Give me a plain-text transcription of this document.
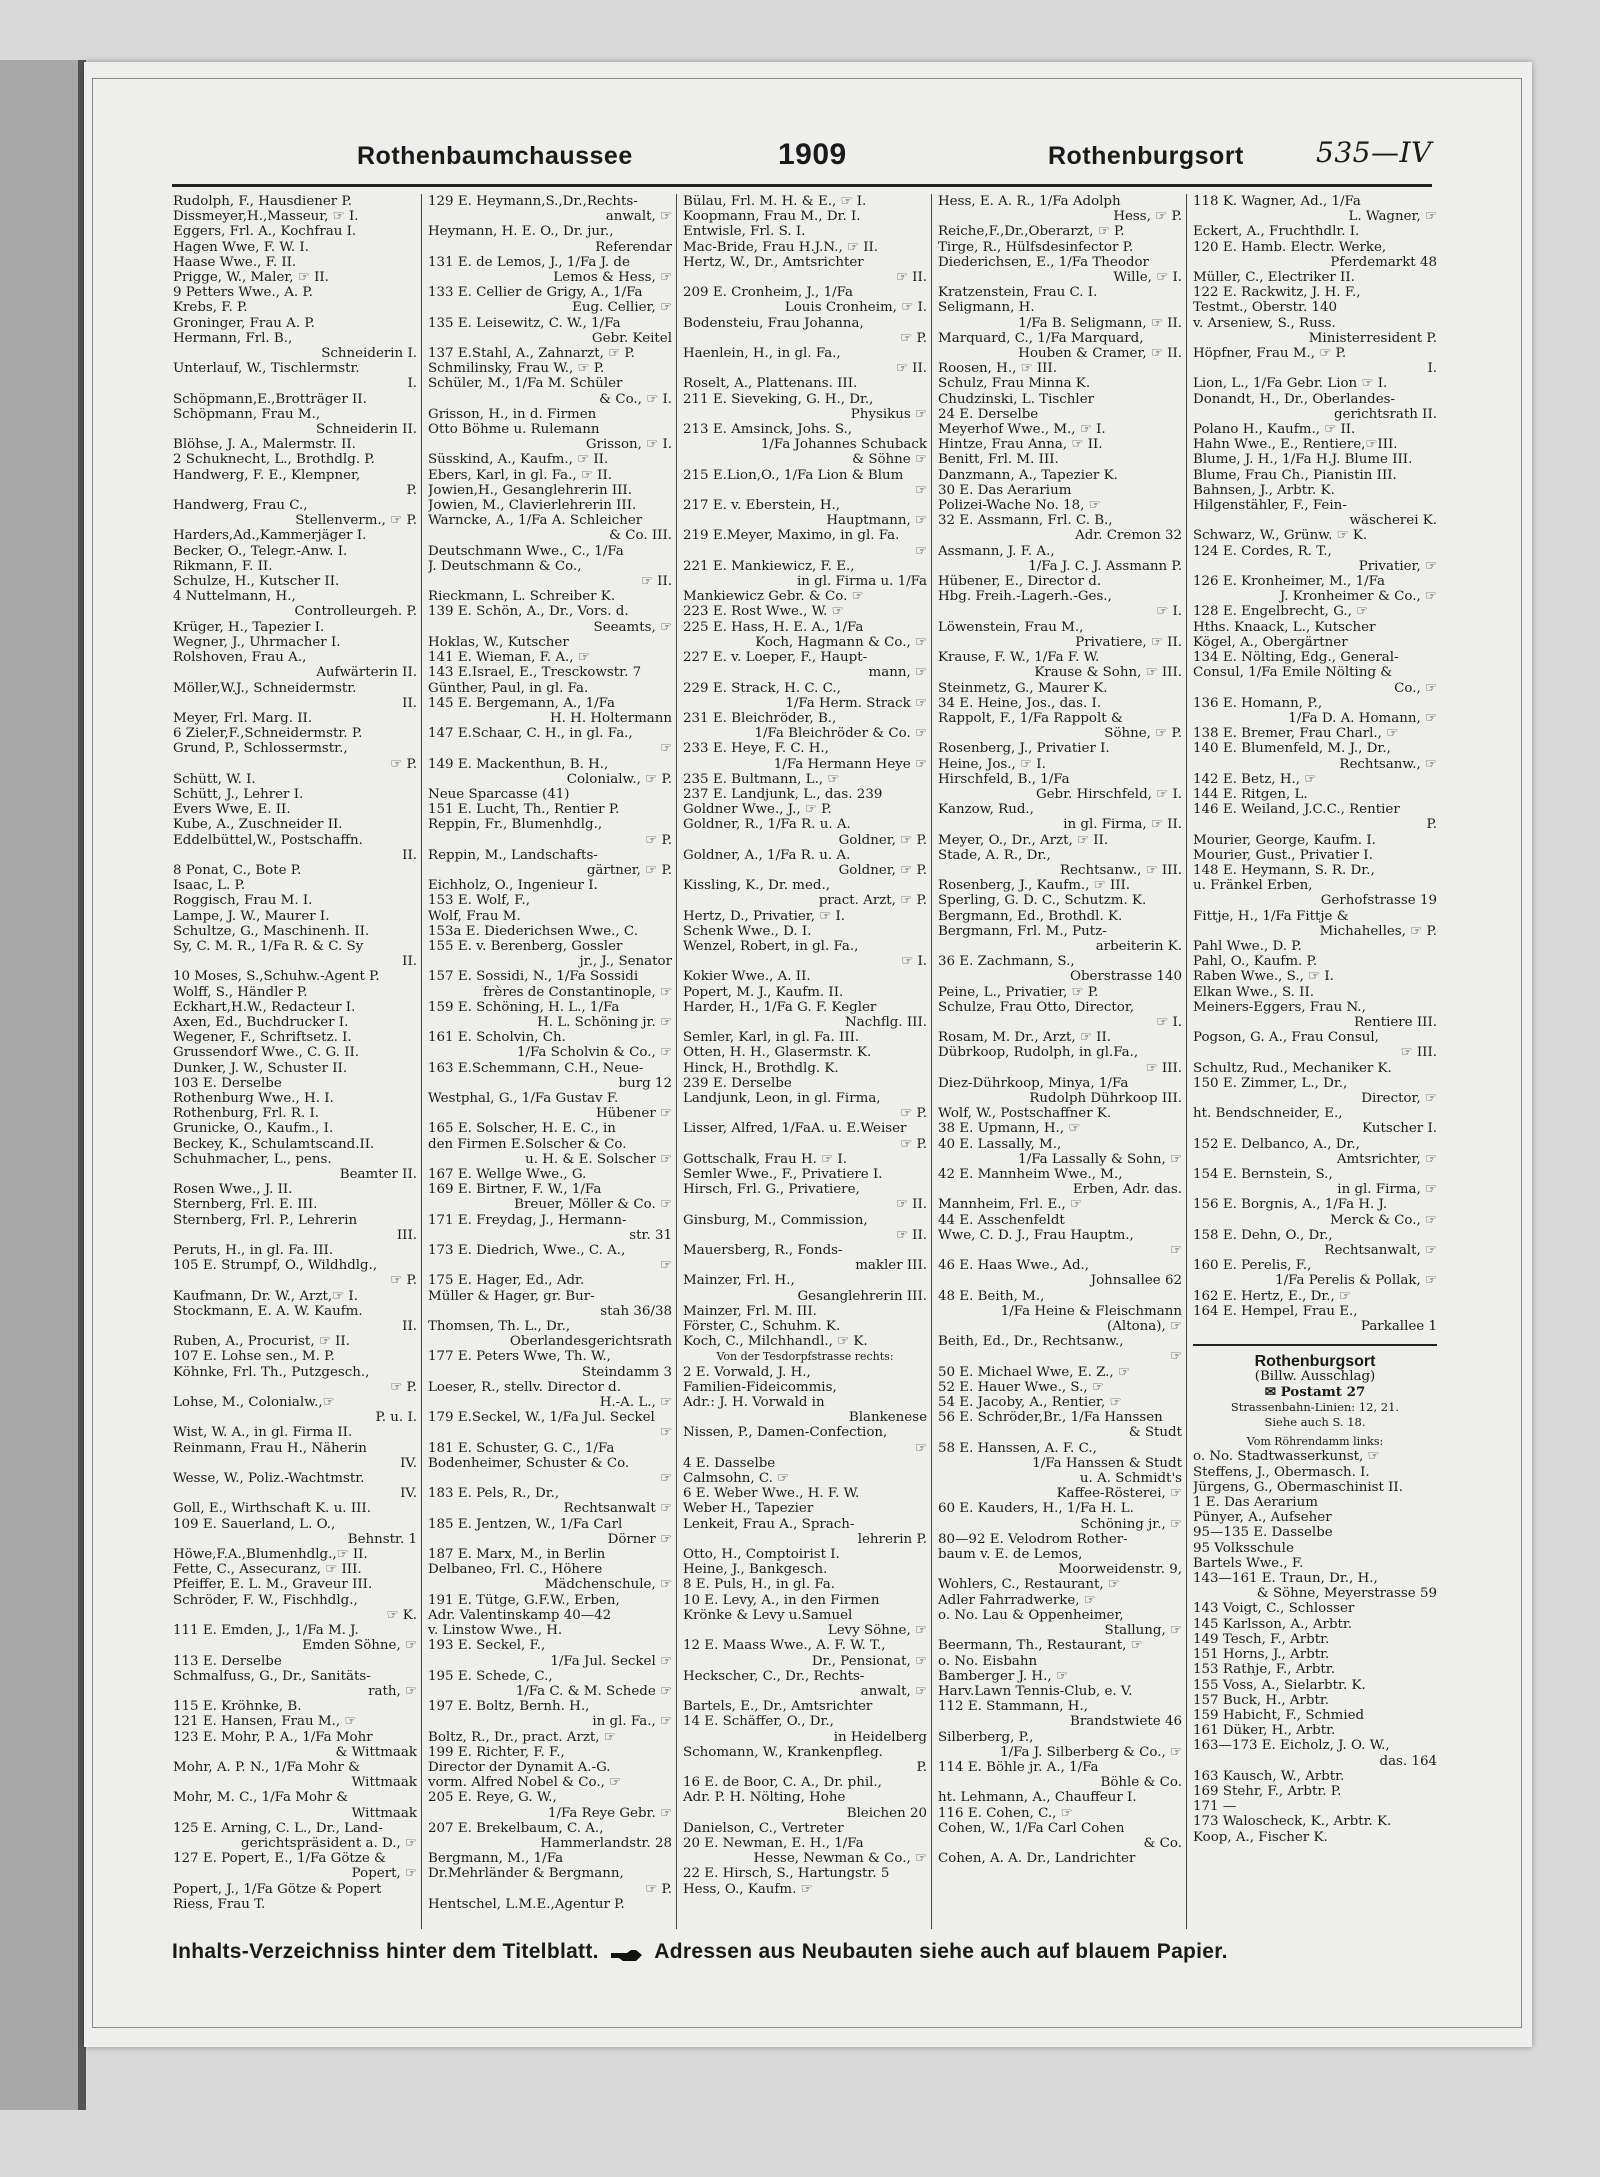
Rothenbaumchaussee	1909	Rothenburgsort	535—IV
Rudolph, F., Hausdiener P.
Dissmeyer,H.,Masseur, ☞ I.
Eggers, Frl. A., Kochfrau I.
Hagen Wwe, F. W. I.
Haase Wwe., F. II.
Prigge, W., Maler, ☞ II.
9 Petters Wwe., A. P.
Krebs, F. P.
Groninger, Frau A. P.
Hermann, Frl. B.,
Schneiderin I.
Unterlauf, W., Tischlermstr.
I.
Schöpmann,E.,Brotträger II.
Schöpmann, Frau M.,
Schneiderin II.
Blöhse, J. A., Malermstr. II.
2 Schuknecht, L., Brothdlg. P.
Handwerg, F. E., Klempner,
P.
Handwerg, Frau C.,
Stellenverm., ☞ P.
Harders,Ad.,Kammerjäger I.
Becker, O., Telegr.-Anw. I.
Rikmann, F. II.
Schulze, H., Kutscher II.
4 Nuttelmann, H.,
Controlleurgeh. P.
Krüger, H., Tapezier I.
Wegner, J., Uhrmacher I.
Rolshoven, Frau A.,
Aufwärterin II.
Möller,W.J., Schneidermstr.
II.
Meyer, Frl. Marg. II.
6 Zieler,F.,Schneidermstr. P.
Grund, P., Schlossermstr.,
☞ P.
Schütt, W. I.
Schütt, J., Lehrer I.
Evers Wwe, E. II.
Kube, A., Zuschneider II.
Eddelbüttel,W., Postschaffn.
II.
8 Ponat, C., Bote P.
Isaac, L. P.
Roggisch, Frau M. I.
Lampe, J. W., Maurer I.
Schultze, G., Maschinenh. II.
Sy, C. M. R., 1/Fa R. & C. Sy
II.
10 Moses, S.,Schuhw.-Agent P.
Wolff, S., Händler P.
Eckhart,H.W., Redacteur I.
Axen, Ed., Buchdrucker I.
Wegener, F., Schriftsetz. I.
Grussendorf Wwe., C. G. II.
Dunker, J. W., Schuster II.
103 E. Derselbe
Rothenburg Wwe., H. I.
Rothenburg, Frl. R. I.
Grunicke, O., Kaufm., I.
Beckey, K., Schulamtscand.II.
Schuhmacher, L., pens.
Beamter II.
Rosen Wwe., J. II.
Sternberg, Frl. E. III.
Sternberg, Frl. P., Lehrerin
III.
Peruts, H., in gl. Fa. III.
105 E. Strumpf, O., Wildhdlg.,
☞ P.
Kaufmann, Dr. W., Arzt,☞ I.
Stockmann, E. A. W. Kaufm.
II.
Ruben, A., Procurist, ☞ II.
107 E. Lohse sen., M. P.
Köhnke, Frl. Th., Putzgesch.,
☞ P.
Lohse, M., Colonialw.,☞
P. u. I.
Wist, W. A., in gl. Firma II.
Reinmann, Frau H., Näherin
IV.
Wesse, W., Poliz.-Wachtmstr.
IV.
Goll, E., Wirthschaft K. u. III.
109 E. Sauerland, L. O.,
Behnstr. 1
Höwe,F.A.,Blumenhdlg.,☞ II.
Fette, C., Assecuranz, ☞ III.
Pfeiffer, E. L. M., Graveur III.
Schröder, F. W., Fischhdlg.,
☞ K.
111 E. Emden, J., 1/Fa M. J.
Emden Söhne, ☞
113 E. Derselbe
Schmalfuss, G., Dr., Sanitäts-
rath, ☞
115 E. Kröhnke, B.
121 E. Hansen, Frau M., ☞
123 E. Mohr, P. A., 1/Fa Mohr
& Wittmaak
Mohr, A. P. N., 1/Fa Mohr &
Wittmaak
Mohr, M. C., 1/Fa Mohr &
Wittmaak
125 E. Arning, C. L., Dr., Land-
gerichtspräsident a. D., ☞
127 E. Popert, E., 1/Fa Götze &
Popert, ☞
Popert, J., 1/Fa Götze & Popert
Riess, Frau T.
129 E. Heymann,S.,Dr.,Rechts-
anwalt, ☞
Heymann, H. E. O., Dr. jur.,
Referendar
131 E. de Lemos, J., 1/Fa J. de
Lemos & Hess, ☞
133 E. Cellier de Grigy, A., 1/Fa
Eug. Cellier, ☞
135 E. Leisewitz, C. W., 1/Fa
Gebr. Keitel
137 E.Stahl, A., Zahnarzt, ☞ P.
Schmilinsky, Frau W., ☞ P.
Schüler, M., 1/Fa M. Schüler
& Co., ☞ I.
Grisson, H., in d. Firmen
Otto Böhme u. Rulemann
Grisson, ☞ I.
Süsskind, A., Kaufm., ☞ II.
Ebers, Karl, in gl. Fa., ☞ II.
Jowien,H., Gesanglehrerin III.
Jowien, M., Clavierlehrerin III.
Warncke, A., 1/Fa A. Schleicher
& Co. III.
Deutschmann Wwe., C., 1/Fa
J. Deutschmann & Co.,
☞ II.
Rieckmann, L. Schreiber K.
139 E. Schön, A., Dr., Vors. d.
Seeamts, ☞
Hoklas, W., Kutscher
141 E. Wieman, F. A., ☞
143 E.Israel, E., Tresckowstr. 7
Günther, Paul, in gl. Fa.
145 E. Bergemann, A., 1/Fa
H. H. Holtermann
147 E.Schaar, C. H., in gl. Fa.,
☞
149 E. Mackenthun, B. H.,
Colonialw., ☞ P.
Neue Sparcasse (41)
151 E. Lucht, Th., Rentier P.
Reppin, Fr., Blumenhdlg.,
☞ P.
Reppin, M., Landschafts-
gärtner, ☞ P.
Eichholz, O., Ingenieur I.
153 E. Wolf, F.,
Wolf, Frau M.
153a E. Diederichsen Wwe., C.
155 E. v. Berenberg, Gossler
jr., J., Senator
157 E. Sossidi, N., 1/Fa Sossidi
frères de Constantinople, ☞
159 E. Schöning, H. L., 1/Fa
H. L. Schöning jr. ☞
161 E. Scholvin, Ch.
1/Fa Scholvin & Co., ☞
163 E.Schemmann, C.H., Neue-
burg 12
Westphal, G., 1/Fa Gustav F.
Hübener ☞
165 E. Solscher, H. E. C., in
den Firmen E.Solscher & Co.
u. H. & E. Solscher ☞
167 E. Wellge Wwe., G.
169 E. Birtner, F. W., 1/Fa
Breuer, Möller & Co. ☞
171 E. Freydag, J., Hermann-
str. 31
173 E. Diedrich, Wwe., C. A.,
☞
175 E. Hager, Ed., Adr.
Müller & Hager, gr. Bur-
stah 36/38
Thomsen, Th. L., Dr.,
Oberlandesgerichtsrath
177 E. Peters Wwe, Th. W.,
Steindamm 3
Loeser, R., stellv. Director d.
H.-A. L., ☞
179 E.Seckel, W., 1/Fa Jul. Seckel
☞
181 E. Schuster, G. C., 1/Fa
Bodenheimer, Schuster & Co.
☞
183 E. Pels, R., Dr.,
Rechtsanwalt ☞
185 E. Jentzen, W., 1/Fa Carl
Dörner ☞
187 E. Marx, M., in Berlin
Delbaneo, Frl. C., Höhere
Mädchenschule, ☞
191 E. Tütge, G.F.W., Erben,
Adr. Valentinskamp 40—42
v. Linstow Wwe., H.
193 E. Seckel, F.,
1/Fa Jul. Seckel ☞
195 E. Schede, C.,
1/Fa C. & M. Schede ☞
197 E. Boltz, Bernh. H.,
in gl. Fa., ☞
Boltz, R., Dr., pract. Arzt, ☞
199 E. Richter, F. F.,
Director der Dynamit A.-G.
vorm. Alfred Nobel & Co., ☞
205 E. Reye, G. W.,
1/Fa Reye Gebr. ☞
207 E. Brekelbaum, C. A.,
Hammerlandstr. 28
Bergmann, M., 1/Fa
Dr.Mehrländer & Bergmann,
☞ P.
Hentschel, L.M.E.,Agentur P.
Bülau, Frl. M. H. & E., ☞ I.
Koopmann, Frau M., Dr. I.
Entwisle, Frl. S. I.
Mac-Bride, Frau H.J.N., ☞ II.
Hertz, W., Dr., Amtsrichter
☞ II.
209 E. Cronheim, J., 1/Fa
Louis Cronheim, ☞ I.
Bodensteiu, Frau Johanna,
☞ P.
Haenlein, H., in gl. Fa.,
☞ II.
Roselt, A., Plattenans. III.
211 E. Sieveking, G. H., Dr.,
Physikus ☞
213 E. Amsinck, Johs. S.,
1/Fa Johannes Schuback
& Söhne ☞
215 E.Lion,O., 1/Fa Lion & Blum
☞
217 E. v. Eberstein, H.,
Hauptmann, ☞
219 E.Meyer, Maximo, in gl. Fa.
☞
221 E. Mankiewicz, F. E.,
in gl. Firma u. 1/Fa
Mankiewicz Gebr. & Co. ☞
223 E. Rost Wwe., W. ☞
225 E. Hass, H. E. A., 1/Fa
Koch, Hagmann & Co., ☞
227 E. v. Loeper, F., Haupt-
mann, ☞
229 E. Strack, H. C. C.,
1/Fa Herm. Strack ☞
231 E. Bleichröder, B.,
1/Fa Bleichröder & Co. ☞
233 E. Heye, F. C. H.,
1/Fa Hermann Heye ☞
235 E. Bultmann, L., ☞
237 E. Landjunk, L., das. 239
Goldner Wwe., J., ☞ P.
Goldner, R., 1/Fa R. u. A.
Goldner, ☞ P.
Goldner, A., 1/Fa R. u. A.
Goldner, ☞ P.
Kissling, K., Dr. med.,
pract. Arzt, ☞ P.
Hertz, D., Privatier, ☞ I.
Schenk Wwe., D. I.
Wenzel, Robert, in gl. Fa.,
☞ I.
Kokier Wwe., A. II.
Popert, M. J., Kaufm. II.
Harder, H., 1/Fa G. F. Kegler
Nachflg. III.
Semler, Karl, in gl. Fa. III.
Otten, H. H., Glasermstr. K.
Hinck, H., Brothdlg. K.
239 E. Derselbe
Landjunk, Leon, in gl. Firma,
☞ P.
Lisser, Alfred, 1/FaA. u. E.Weiser
☞ P.
Gottschalk, Frau H. ☞ I.
Semler Wwe., F., Privatiere I.
Hirsch, Frl. G., Privatiere,
☞ II.
Ginsburg, M., Commission,
☞ II.
Mauersberg, R., Fonds-
makler III.
Mainzer, Frl. H.,
Gesanglehrerin III.
Mainzer, Frl. M. III.
Förster, C., Schuhm. K.
Koch, C., Milchhandl., ☞ K.
Von der Tesdorpfstrasse rechts:
2 E. Vorwald, J. H.,
Familien-Fideicommis,
Adr.: J. H. Vorwald in
Blankenese
Nissen, P., Damen-Confection,
☞
4 E. Dasselbe
Calmsohn, C. ☞
6 E. Weber Wwe., H. F. W.
Weber H., Tapezier
Lenkeit, Frau A., Sprach-
lehrerin P.
Otto, H., Comptoirist I.
Heine, J., Bankgesch.
8 E. Puls, H., in gl. Fa.
10 E. Levy, A., in den Firmen
Krönke & Levy u.Samuel
Levy Söhne, ☞
12 E. Maass Wwe., A. F. W. T.,
Dr., Pensionat, ☞
Heckscher, C., Dr., Rechts-
anwalt, ☞
Bartels, E., Dr., Amtsrichter
14 E. Schäffer, O., Dr.,
in Heidelberg
Schomann, W., Krankenpfleg.
P.
16 E. de Boor, C. A., Dr. phil.,
Adr. P. H. Nölting, Hohe
Bleichen 20
Danielson, C., Vertreter
20 E. Newman, E. H., 1/Fa
Hesse, Newman & Co., ☞
22 E. Hirsch, S., Hartungstr. 5
Hess, O., Kaufm. ☞
Hess, E. A. R., 1/Fa Adolph
Hess, ☞ P.
Reiche,F.,Dr.,Oberarzt, ☞ P.
Tirge, R., Hülfsdesinfector P.
Diederichsen, E., 1/Fa Theodor
Wille, ☞ I.
Kratzenstein, Frau C. I.
Seligmann, H.
1/Fa B. Seligmann, ☞ II.
Marquard, C., 1/Fa Marquard,
Houben & Cramer, ☞ II.
Roosen, H., ☞ III.
Schulz, Frau Minna K.
Chudzinski, L. Tischler
24 E. Derselbe
Meyerhof Wwe., M., ☞ I.
Hintze, Frau Anna, ☞ II.
Benitt, Frl. M. III.
Danzmann, A., Tapezier K.
30 E. Das Aerarium
Polizei-Wache No. 18, ☞
32 E. Assmann, Frl. C. B.,
Adr. Cremon 32
Assmann, J. F. A.,
1/Fa J. C. J. Assmann P.
Hübener, E., Director d.
Hbg. Freih.-Lagerh.-Ges.,
☞ I.
Löwenstein, Frau M.,
Privatiere, ☞ II.
Krause, F. W., 1/Fa F. W.
Krause & Sohn, ☞ III.
Steinmetz, G., Maurer K.
34 E. Heine, Jos., das. I.
Rappolt, F., 1/Fa Rappolt &
Söhne, ☞ P.
Rosenberg, J., Privatier I.
Heine, Jos., ☞ I.
Hirschfeld, B., 1/Fa
Gebr. Hirschfeld, ☞ I.
Kanzow, Rud.,
in gl. Firma, ☞ II.
Meyer, O., Dr., Arzt, ☞ II.
Stade, A. R., Dr.,
Rechtsanw., ☞ III.
Rosenberg, J., Kaufm., ☞ III.
Sperling, G. D. C., Schutzm. K.
Bergmann, Ed., Brothdl. K.
Bergmann, Frl. M., Putz-
arbeiterin K.
36 E. Zachmann, S.,
Oberstrasse 140
Peine, L., Privatier, ☞ P.
Schulze, Frau Otto, Director,
☞ I.
Rosam, M. Dr., Arzt, ☞ II.
Dübrkoop, Rudolph, in gl.Fa.,
☞ III.
Diez-Dührkoop, Minya, 1/Fa
Rudolph Dührkoop III.
Wolf, W., Postschaffner K.
38 E. Upmann, H., ☞
40 E. Lassally, M.,
1/Fa Lassally & Sohn, ☞
42 E. Mannheim Wwe., M.,
Erben, Adr. das.
Mannheim, Frl. E., ☞
44 E. Asschenfeldt
Wwe, C. D. J., Frau Hauptm.,
☞
46 E. Haas Wwe., Ad.,
Johnsallee 62
48 E. Beith, M.,
1/Fa Heine & Fleischmann
(Altona), ☞
Beith, Ed., Dr., Rechtsanw.,
☞
50 E. Michael Wwe, E. Z., ☞
52 E. Hauer Wwe., S., ☞
54 E. Jacoby, A., Rentier, ☞
56 E. Schröder,Br., 1/Fa Hanssen
& Studt
58 E. Hanssen, A. F. C.,
1/Fa Hanssen & Studt
u. A. Schmidt's
Kaffee-Rösterei, ☞
60 E. Kauders, H., 1/Fa H. L.
Schöning jr., ☞
80—92 E. Velodrom Rother-
baum v. E. de Lemos,
Moorweidenstr. 9,
Wohlers, C., Restaurant, ☞
Adler Fahrradwerke, ☞
o. No. Lau & Oppenheimer,
Stallung, ☞
Beermann, Th., Restaurant, ☞
o. No. Eisbahn
Bamberger J. H., ☞
Harv.Lawn Tennis-Club, e. V.
112 E. Stammann, H.,
Brandstwiete 46
Silberberg, P.,
1/Fa J. Silberberg & Co., ☞
114 E. Böhle jr. A., 1/Fa
Böhle & Co.
ht. Lehmann, A., Chauffeur I.
116 E. Cohen, C., ☞
Cohen, W., 1/Fa Carl Cohen
& Co.
Cohen, A. A. Dr., Landrichter
118 K. Wagner, Ad., 1/Fa
L. Wagner, ☞
Eckert, A., Fruchthdlr. I.
120 E. Hamb. Electr. Werke,
Pferdemarkt 48
Müller, C., Electriker II.
122 E. Rackwitz, J. H. F.,
Testmt., Oberstr. 140
v. Arseniew, S., Russ.
Ministerresident P.
Höpfner, Frau M., ☞ P.
I.
Lion, L., 1/Fa Gebr. Lion ☞ I.
Donandt, H., Dr., Oberlandes-
gerichtsrath II.
Polano H., Kaufm., ☞ II.
Hahn Wwe., E., Rentiere,☞III.
Blume, J. H., 1/Fa H.J. Blume III.
Blume, Frau Ch., Pianistin III.
Bahnsen, J., Arbtr. K.
Hilgenstähler, F., Fein-
wäscherei K.
Schwarz, W., Grünw. ☞ K.
124 E. Cordes, R. T.,
Privatier, ☞
126 E. Kronheimer, M., 1/Fa
J. Kronheimer & Co., ☞
128 E. Engelbrecht, G., ☞
Hths. Knaack, L., Kutscher
Kögel, A., Obergärtner
134 E. Nölting, Edg., General-
Consul, 1/Fa Emile Nölting &
Co., ☞
136 E. Homann, P.,
1/Fa D. A. Homann, ☞
138 E. Bremer, Frau Charl., ☞
140 E. Blumenfeld, M. J., Dr.,
Rechtsanw., ☞
142 E. Betz, H., ☞
144 E. Ritgen, L.
146 E. Weiland, J.C.C., Rentier
P.
Mourier, George, Kaufm. I.
Mourier, Gust., Privatier I.
148 E. Heymann, S. R. Dr.,
u. Fränkel Erben,
Gerhofstrasse 19
Fittje, H., 1/Fa Fittje &
Michahelles, ☞ P.
Pahl Wwe., D. P.
Pahl, O., Kaufm. P.
Raben Wwe., S., ☞ I.
Elkan Wwe., S. II.
Meiners-Eggers, Frau N.,
Rentiere III.
Pogson, G. A., Frau Consul,
☞ III.
Schultz, Rud., Mechaniker K.
150 E. Zimmer, L., Dr.,
Director, ☞
ht. Bendschneider, E.,
Kutscher I.
152 E. Delbanco, A., Dr.,
Amtsrichter, ☞
154 E. Bernstein, S.,
in gl. Firma, ☞
156 E. Borgnis, A., 1/Fa H. J.
Merck & Co., ☞
158 E. Dehn, O., Dr.,
Rechtsanwalt, ☞
160 E. Perelis, F.,
1/Fa Perelis & Pollak, ☞
162 E. Hertz, E., Dr., ☞
164 E. Hempel, Frau E.,
Parkallee 1
Rothenburgsort
(Billw. Ausschlag)
✉ Postamt 27
Strassenbahn-Linien: 12, 21.
Siehe auch S. 18.
Vom Röhrendamm links:
o. No. Stadtwasserkunst, ☞
Steffens, J., Obermasch. I.
Jürgens, G., Obermaschinist II.
1 E. Das Aerarium
Pünyer, A., Aufseher
95—135 E. Dasselbe
95 Volksschule
Bartels Wwe., F.
143—161 E. Traun, Dr., H.,
& Söhne, Meyerstrasse 59
143 Voigt, C., Schlosser
145 Karlsson, A., Arbtr.
149 Tesch, F., Arbtr.
151 Horns, J., Arbtr.
153 Rathje, F., Arbtr.
155 Voss, A., Sielarbtr. K.
157 Buck, H., Arbtr.
159 Habicht, F., Schmied
161 Düker, H., Arbtr.
163—173 E. Eicholz, J. O. W.,
das. 164
163 Kausch, W., Arbtr.
169 Stehr, F., Arbtr. P.
171 —
173 Waloscheck, K., Arbtr. K.
Koop, A., Fischer K.
Inhalts-Verzeichniss hinter dem Titelblatt.	Adressen aus Neubauten siehe auch auf blauem Papier.
